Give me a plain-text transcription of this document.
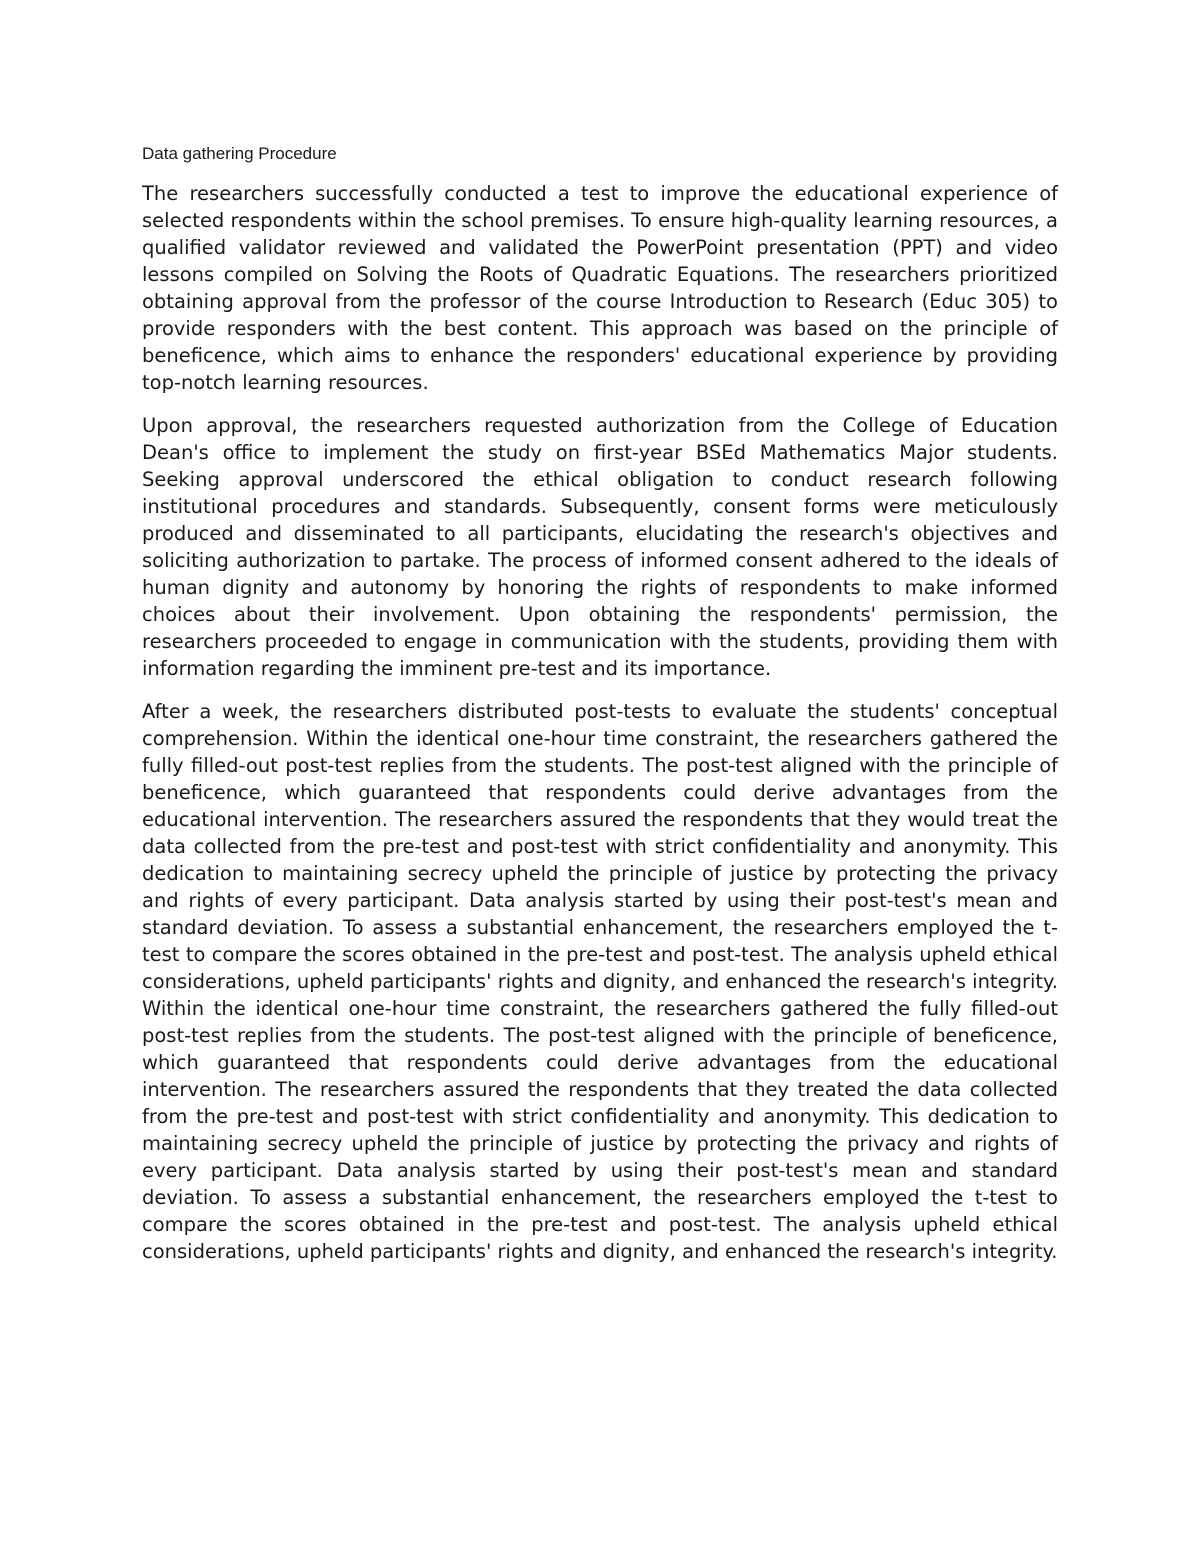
Data gathering Procedure

The researchers successfully conducted a test to improve the educational experience of selected respondents within the school premises. To ensure high-quality learning resources, a qualified validator reviewed and validated the PowerPoint presentation (PPT) and video lessons compiled on Solving the Roots of Quadratic Equations. The researchers prioritized obtaining approval from the professor of the course Introduction to Research (Educ 305) to provide responders with the best content. This approach was based on the principle of beneficence, which aims to enhance the responders' educational experience by providing top-notch learning resources.

Upon approval, the researchers requested authorization from the College of Education Dean's office to implement the study on first-year BSEd Mathematics Major students. Seeking approval underscored the ethical obligation to conduct research following institutional procedures and standards. Subsequently, consent forms were meticulously produced and disseminated to all participants, elucidating the research's objectives and soliciting authorization to partake. The process of informed consent adhered to the ideals of human dignity and autonomy by honoring the rights of respondents to make informed choices about their involvement. Upon obtaining the respondents' permission, the researchers proceeded to engage in communication with the students, providing them with information regarding the imminent pre-test and its importance.

After a week, the researchers distributed post-tests to evaluate the students' conceptual comprehension. Within the identical one-hour time constraint, the researchers gathered the fully filled-out post-test replies from the students. The post-test aligned with the principle of beneficence, which guaranteed that respondents could derive advantages from the educational intervention. The researchers assured the respondents that they would treat the data collected from the pre-test and post-test with strict confidentiality and anonymity. This dedication to maintaining secrecy upheld the principle of justice by protecting the privacy and rights of every participant. Data analysis started by using their post-test's mean and standard deviation. To assess a substantial enhancement, the researchers employed the t-test to compare the scores obtained in the pre-test and post-test. The analysis upheld ethical considerations, upheld participants' rights and dignity, and enhanced the research's integrity. Within the identical one-hour time constraint, the researchers gathered the fully filled-out post-test replies from the students. The post-test aligned with the principle of beneficence, which guaranteed that respondents could derive advantages from the educational intervention. The researchers assured the respondents that they treated the data collected from the pre-test and post-test with strict confidentiality and anonymity. This dedication to maintaining secrecy upheld the principle of justice by protecting the privacy and rights of every participant. Data analysis started by using their post-test's mean and standard deviation. To assess a substantial enhancement, the researchers employed the t-test to compare the scores obtained in the pre-test and post-test. The analysis upheld ethical considerations, upheld participants' rights and dignity, and enhanced the research's integrity.
